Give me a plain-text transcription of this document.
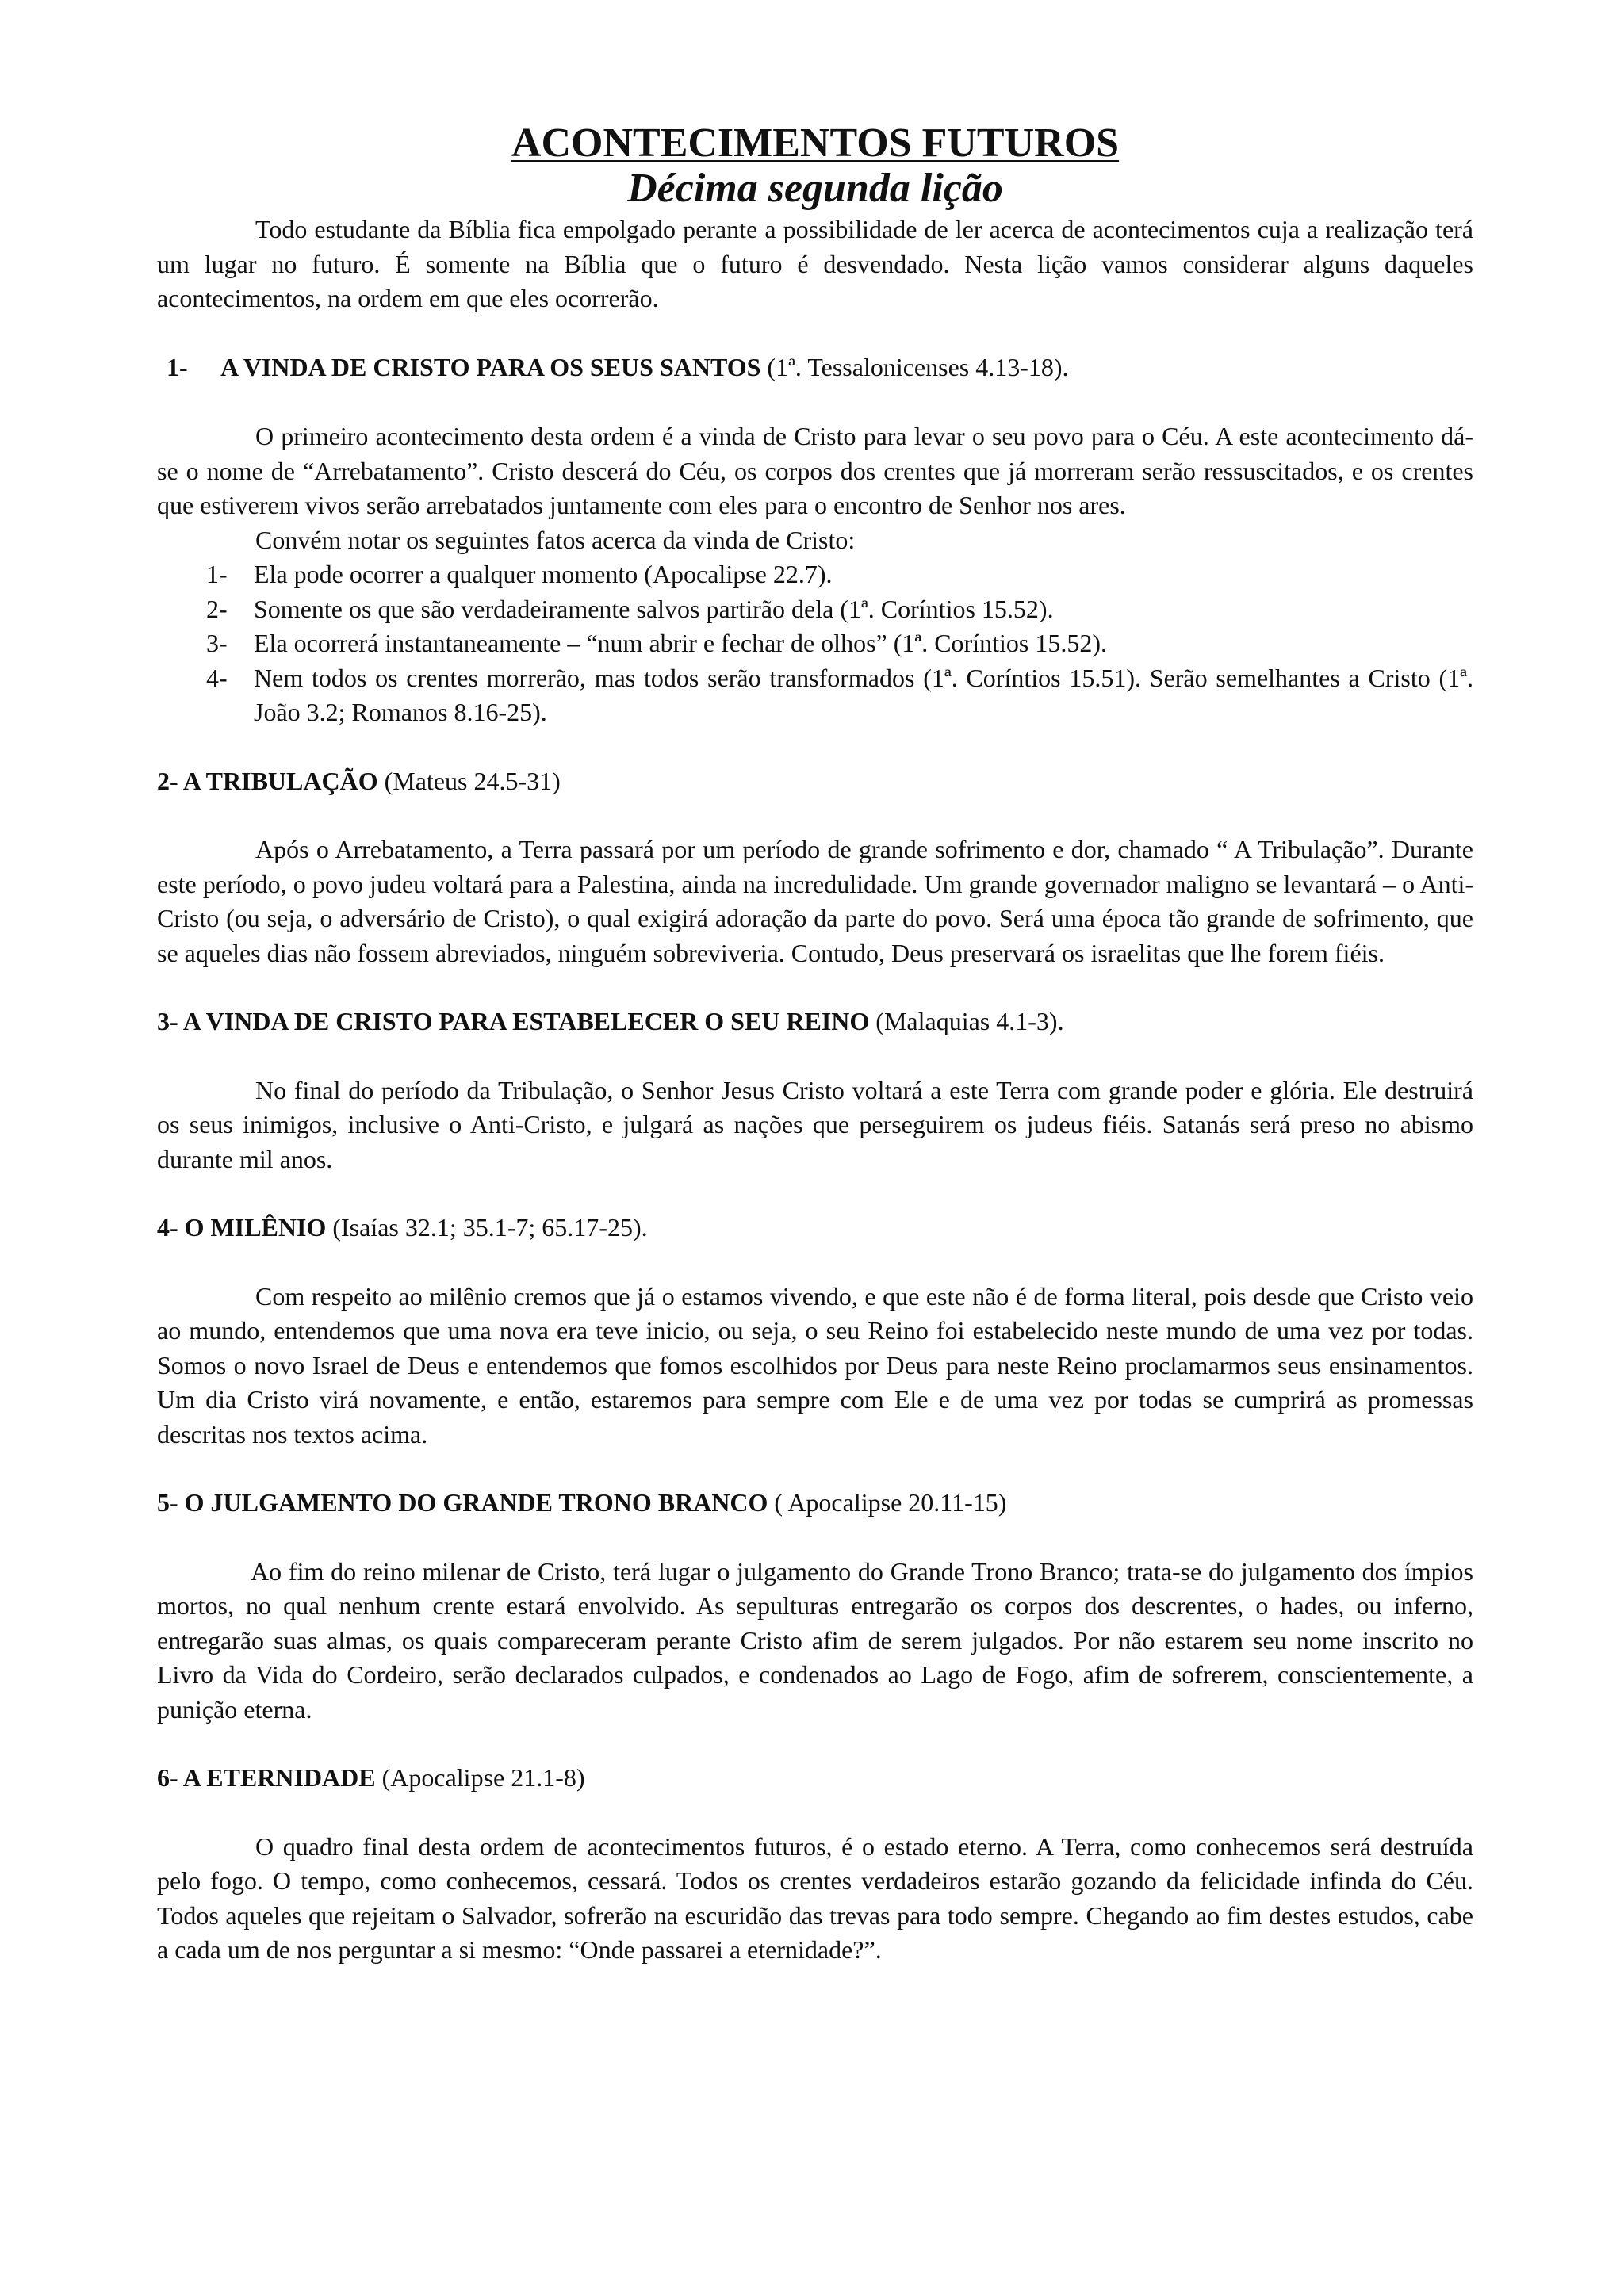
ACONTECIMENTOS FUTUROS
Décima segunda lição

Todo estudante da Bíblia fica empolgado perante a possibilidade de ler acerca de acontecimentos cuja a realização terá um lugar no futuro. É somente na Bíblia que o futuro é desvendado. Nesta lição vamos considerar alguns daqueles acontecimentos, na ordem em que eles ocorrerão.

1- A VINDA DE CRISTO PARA OS SEUS SANTOS (1ª. Tessalonicenses 4.13-18).

O primeiro acontecimento desta ordem é a vinda de Cristo para levar o seu povo para o Céu. A este acontecimento dá-se o nome de “Arrebatamento”. Cristo descerá do Céu, os corpos dos crentes que já morreram serão ressuscitados, e os crentes que estiverem vivos serão arrebatados juntamente com eles para o encontro de Senhor nos ares.

Convém notar os seguintes fatos acerca da vinda de Cristo:

1- Ela pode ocorrer a qualquer momento (Apocalipse 22.7).
2- Somente os que são verdadeiramente salvos partirão dela (1ª. Coríntios 15.52).
3- Ela ocorrerá instantaneamente – “num abrir e fechar de olhos” (1ª. Coríntios 15.52).
4- Nem todos os crentes morrerão, mas todos serão transformados (1ª. Coríntios 15.51). Serão semelhantes a Cristo (1ª. João 3.2; Romanos 8.16-25).
2- A TRIBULAÇÃO (Mateus 24.5-31)

Após o Arrebatamento, a Terra passará por um período de grande sofrimento e dor, chamado “ A Tribulação”. Durante este período, o povo judeu voltará para a Palestina, ainda na incredulidade. Um grande governador maligno se levantará – o Anti- Cristo (ou seja, o adversário de Cristo), o qual exigirá adoração da parte do povo. Será uma época tão grande de sofrimento, que se aqueles dias não fossem abreviados, ninguém sobreviveria. Contudo, Deus preservará os israelitas que lhe forem fiéis.

3- A VINDA DE CRISTO PARA ESTABELECER O SEU REINO (Malaquias 4.1-3).

No final do período da Tribulação, o Senhor Jesus Cristo voltará a este Terra com grande poder e glória. Ele destruirá os seus inimigos, inclusive o Anti-Cristo, e julgará as nações que perseguirem os judeus fiéis. Satanás será preso no abismo durante mil anos.

4- O MILÊNIO (Isaías 32.1; 35.1-7; 65.17-25).

Com respeito ao milênio cremos que já o estamos vivendo, e que este não é de forma literal, pois desde que Cristo veio ao mundo, entendemos que uma nova era teve inicio, ou seja, o seu Reino foi estabelecido neste mundo de uma vez por todas. Somos o novo Israel de Deus e entendemos que fomos escolhidos por Deus para neste Reino proclamarmos seus ensinamentos. Um dia Cristo virá novamente, e então, estaremos para sempre com Ele e de uma vez por todas se cumprirá as promessas descritas nos textos acima.

5- O JULGAMENTO DO GRANDE TRONO BRANCO ( Apocalipse 20.11-15)

Ao fim do reino milenar de Cristo, terá lugar o julgamento do Grande Trono Branco; trata-se do julgamento dos ímpios mortos, no qual nenhum crente estará envolvido. As sepulturas entregarão os corpos dos descrentes, o hades, ou inferno, entregarão suas almas, os quais compareceram perante Cristo afim de serem julgados. Por não estarem seu nome inscrito no Livro da Vida do Cordeiro, serão declarados culpados, e condenados ao Lago de Fogo, afim de sofrerem, conscientemente, a punição eterna.

6- A ETERNIDADE (Apocalipse 21.1-8)

O quadro final desta ordem de acontecimentos futuros, é o estado eterno. A Terra, como conhecemos será destruída pelo fogo. O tempo, como conhecemos, cessará. Todos os crentes verdadeiros estarão gozando da felicidade infinda do Céu. Todos aqueles que rejeitam o Salvador, sofrerão na escuridão das trevas para todo sempre. Chegando ao fim destes estudos, cabe a cada um de nos perguntar a si mesmo: “Onde passarei a eternidade?”.
